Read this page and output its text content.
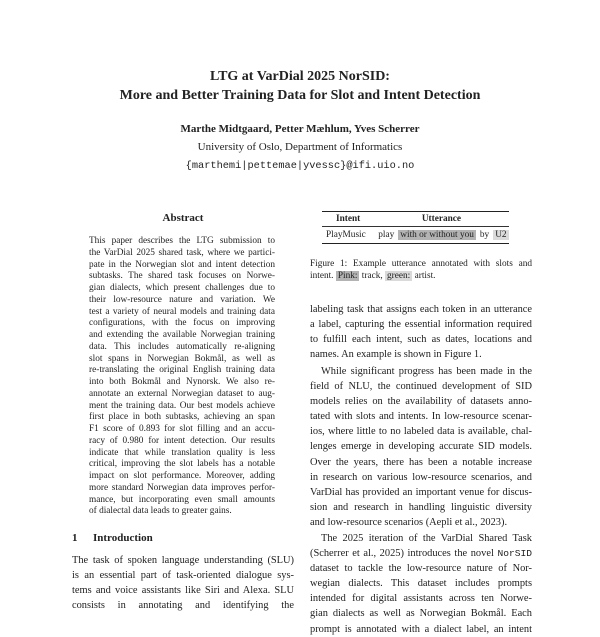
LTG at VarDial 2025 NorSID:
More and Better Training Data for Slot and Intent Detection
Marthe Midtgaard, Petter Mæhlum, Yves Scherrer
University of Oslo, Department of Informatics
{marthemi|pettemae|yvessc}@ifi.uio.no
Abstract
This paper describes the LTG submission to
the VarDial 2025 shared task, where we partici-
pate in the Norwegian slot and intent detection
subtasks. The shared task focuses on Norwe-
gian dialects, which present challenges due to
their low-resource nature and variation. We
test a variety of neural models and training data
configurations, with the focus on improving
and extending the available Norwegian training
data. This includes automatically re-aligning
slot spans in Norwegian Bokmål, as well as
re-translating the original English training data
into both Bokmål and Nynorsk. We also re-
annotate an external Norwegian dataset to aug-
ment the training data. Our best models achieve
first place in both subtasks, achieving an span
F1 score of 0.893 for slot filling and an accu-
racy of 0.980 for intent detection. Our results
indicate that while translation quality is less
critical, improving the slot labels has a notable
impact on slot performance. Moreover, adding
more standard Norwegian data improves perfor-
mance, but incorporating even small amounts
of dialectal data leads to greater gains.
1 Introduction
The task of spoken language understanding (SLU)
is an essential part of task-oriented dialogue sys-
tems and voice assistants like Siri and Alexa. SLU
consists in annotating and identifying the
Intent	Utterance			
PlayMusic	play	with or without you	by	U2
Figure 1: Example utterance annotated with slots and
intent. Pink: track, green: artist.
labeling task that assigns each token in an utterance
a label, capturing the essential information required
to fulfill each intent, such as dates, locations and
names. An example is shown in Figure 1.
While significant progress has been made in the
field of NLU, the continued development of SID
models relies on the availability of datasets anno-
tated with slots and intents. In low-resource scenar-
ios, where little to no labeled data is available, chal-
lenges emerge in developing accurate SID models.
Over the years, there has been a notable increase
in research on various low-resource scenarios, and
VarDial has provided an important venue for discus-
sion and research in handling linguistic diversity
and low-resource scenarios (Aepli et al., 2023).
The 2025 iteration of the VarDial Shared Task
(Scherrer et al., 2025) introduces the novel NorSID
dataset to tackle the low-resource nature of Nor-
wegian dialects. This dataset includes prompts
intended for digital assistants across ten Norwe-
gian dialects as well as Norwegian Bokmål. Each
prompt is annotated with a dialect label, an intent
